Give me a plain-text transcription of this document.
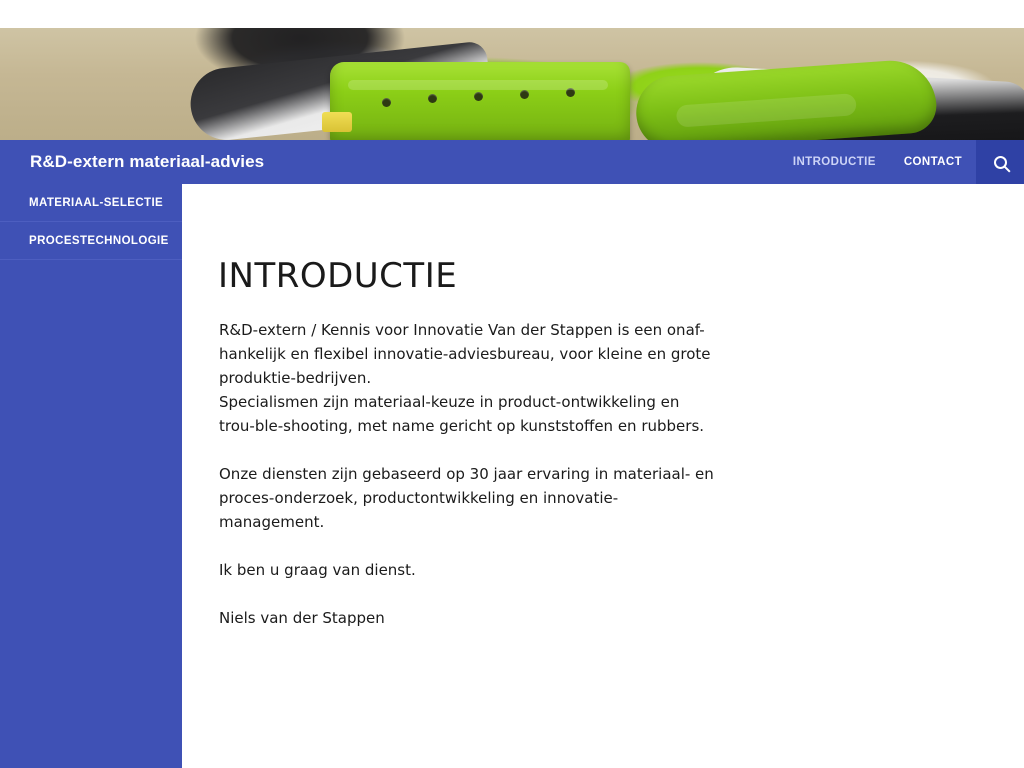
R&D-extern materiaal-advies	INTRODUCTIE	CONTACT
MATERIAAL-SELECTIE
PROCESTECHNOLOGIE
INTRODUCTIE

R&D-extern / Kennis voor Innovatie Van der Stappen is een onaf-hankelijk en flexibel innovatie-adviesbureau, voor kleine en grote produktie-bedrijven.

Specialismen zijn materiaal-keuze in product-ontwikkeling en trou-ble-shooting, met name gericht op kunststoffen en rubbers.

Onze diensten zijn gebaseerd op 30 jaar ervaring in materiaal- en proces-onderzoek, productontwikkeling en innovatie-management.

Ik ben u graag van dienst.

Niels van der Stappen
